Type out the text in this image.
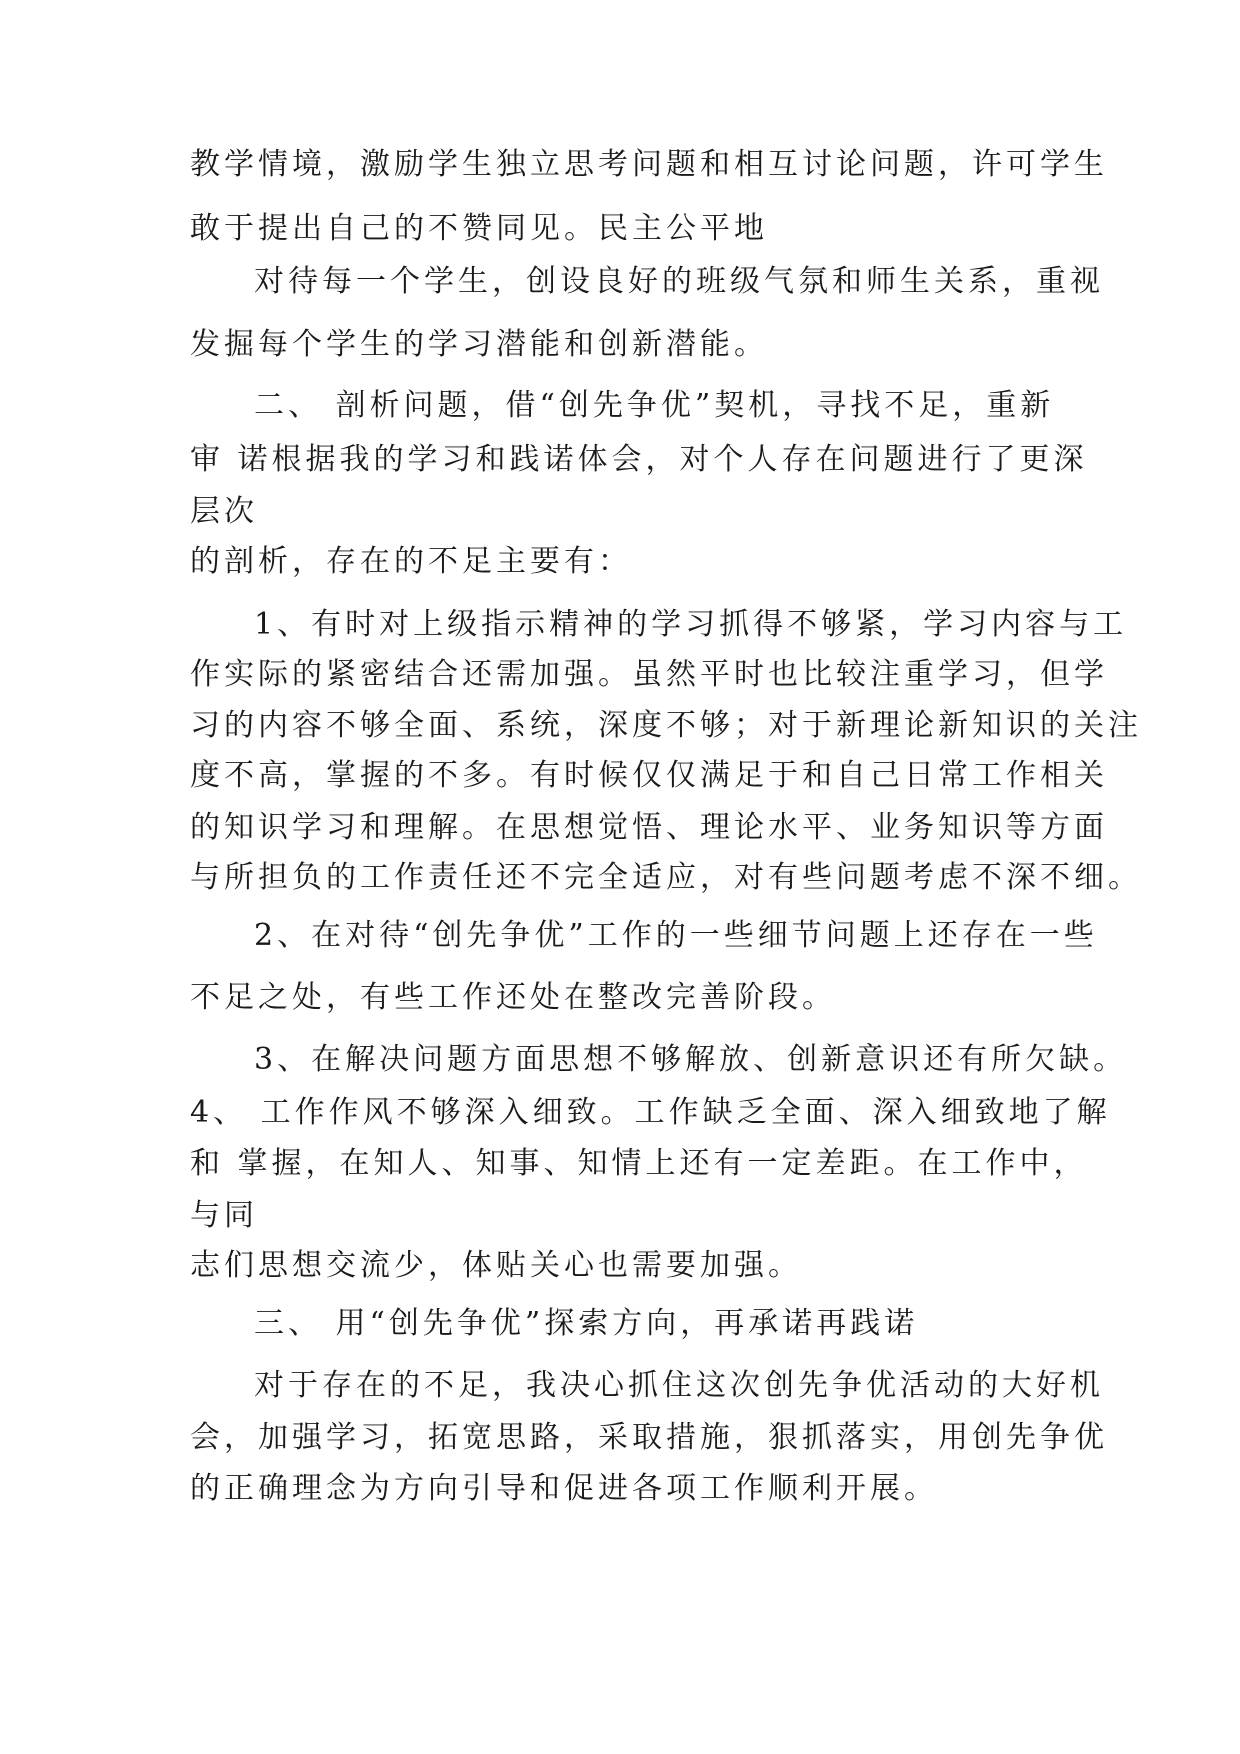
教学情境，激励学生独立思考问题和相互讨论问题，许可学生
敢于提出自己的不赞同见。民主公平地
对待每一个学生，创设良好的班级气氛和师生关系，重视
发掘每个学生的学习潜能和创新潜能。
二、 剖析问题，借“创先争优”契机，寻找不足，重新
审 诺根据我的学习和践诺体会，对个人存在问题进行了更深
层次
的剖析，存在的不足主要有：
1、有时对上级指示精神的学习抓得不够紧，学习内容与工
作实际的紧密结合还需加强。虽然平时也比较注重学习，但学
习的内容不够全面、系统，深度不够；对于新理论新知识的关注
度不高，掌握的不多。有时候仅仅满足于和自己日常工作相关
的知识学习和理解。在思想觉悟、理论水平、业务知识等方面
与所担负的工作责任还不完全适应，对有些问题考虑不深不细。
2、在对待“创先争优”工作的一些细节问题上还存在一些
不足之处，有些工作还处在整改完善阶段。
3、在解决问题方面思想不够解放、创新意识还有所欠缺。
4、 工作作风不够深入细致。工作缺乏全面、深入细致地了解
和 掌握，在知人、知事、知情上还有一定差距。在工作中，
与同
志们思想交流少，体贴关心也需要加强。
三、 用“创先争优”探索方向，再承诺再践诺
对于存在的不足，我决心抓住这次创先争优活动的大好机
会，加强学习，拓宽思路，采取措施，狠抓落实，用创先争优
的正确理念为方向引导和促进各项工作顺利开展。
